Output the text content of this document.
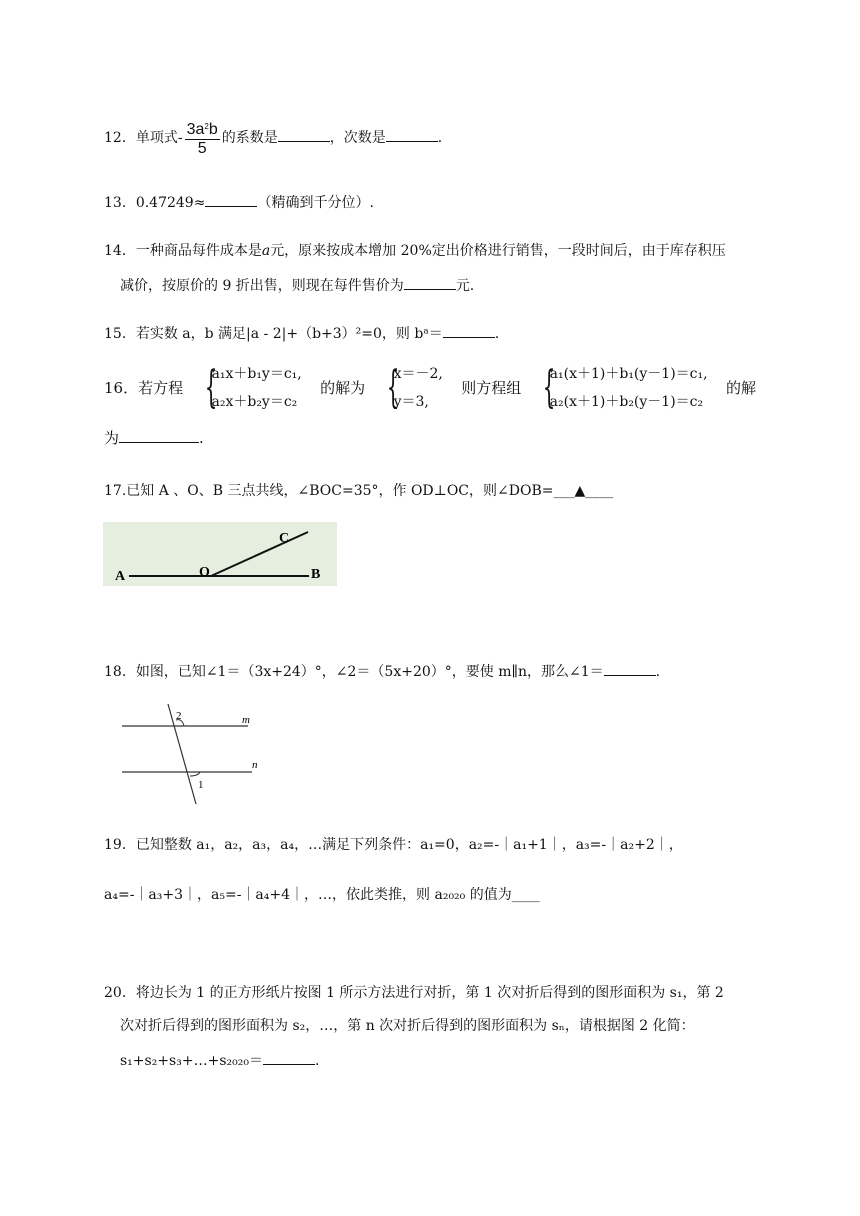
12．单项式- $\frac{3a^2b}{5}$ 的系数是	，次数是	.
13．0.47249≈	（精确到千分位）.
14．一种商品每件成本是a元，原来按成本增加 20%定出价格进行销售，一段时间后，由于库存积压
减价，按原价的 9 折出售，则现在每件售价为	元.
15．若实数 a，b 满足|a - 2|+（b+3）²=0，则 bᵃ＝	.
16．若方程 {
a₁x＋b₁y＝c₁,
a₂x＋b₂y＝c₂
的解为 {
x＝－2,
y＝3,
则方程组 {
a₁(x＋1)＋b₁(y－1)＝c₁,
a₂(x＋1)＋b₂(y－1)＝c₂
的解
为	.
17.已知 A 、O、B 三点共线，∠BOC=35°，作 OD⊥OC，则∠DOB=___▲____
A	O	B
C
18．如图，已知∠1＝（3x+24）°，∠2＝（5x+20）°，要使 m∥n，那么∠1＝	.
2	m
n
1
19．已知整数 a₁，a₂，a₃，a₄，…满足下列条件：a₁=0，a₂=-｜a₁+1｜，a₃=-｜a₂+2｜，
a₄=-｜a₃+3｜，a₅=-｜a₄+4｜，…，依此类推，则 a₂₀₂₀ 的值为____
20．将边长为 1 的正方形纸片按图 1 所示方法进行对折，第 1 次对折后得到的图形面积为 s₁，第 2
次对折后得到的图形面积为 s₂，…，第 n 次对折后得到的图形面积为 sₙ，请根据图 2 化简：
s₁+s₂+s₃+…+s₂₀₂₀＝	.
